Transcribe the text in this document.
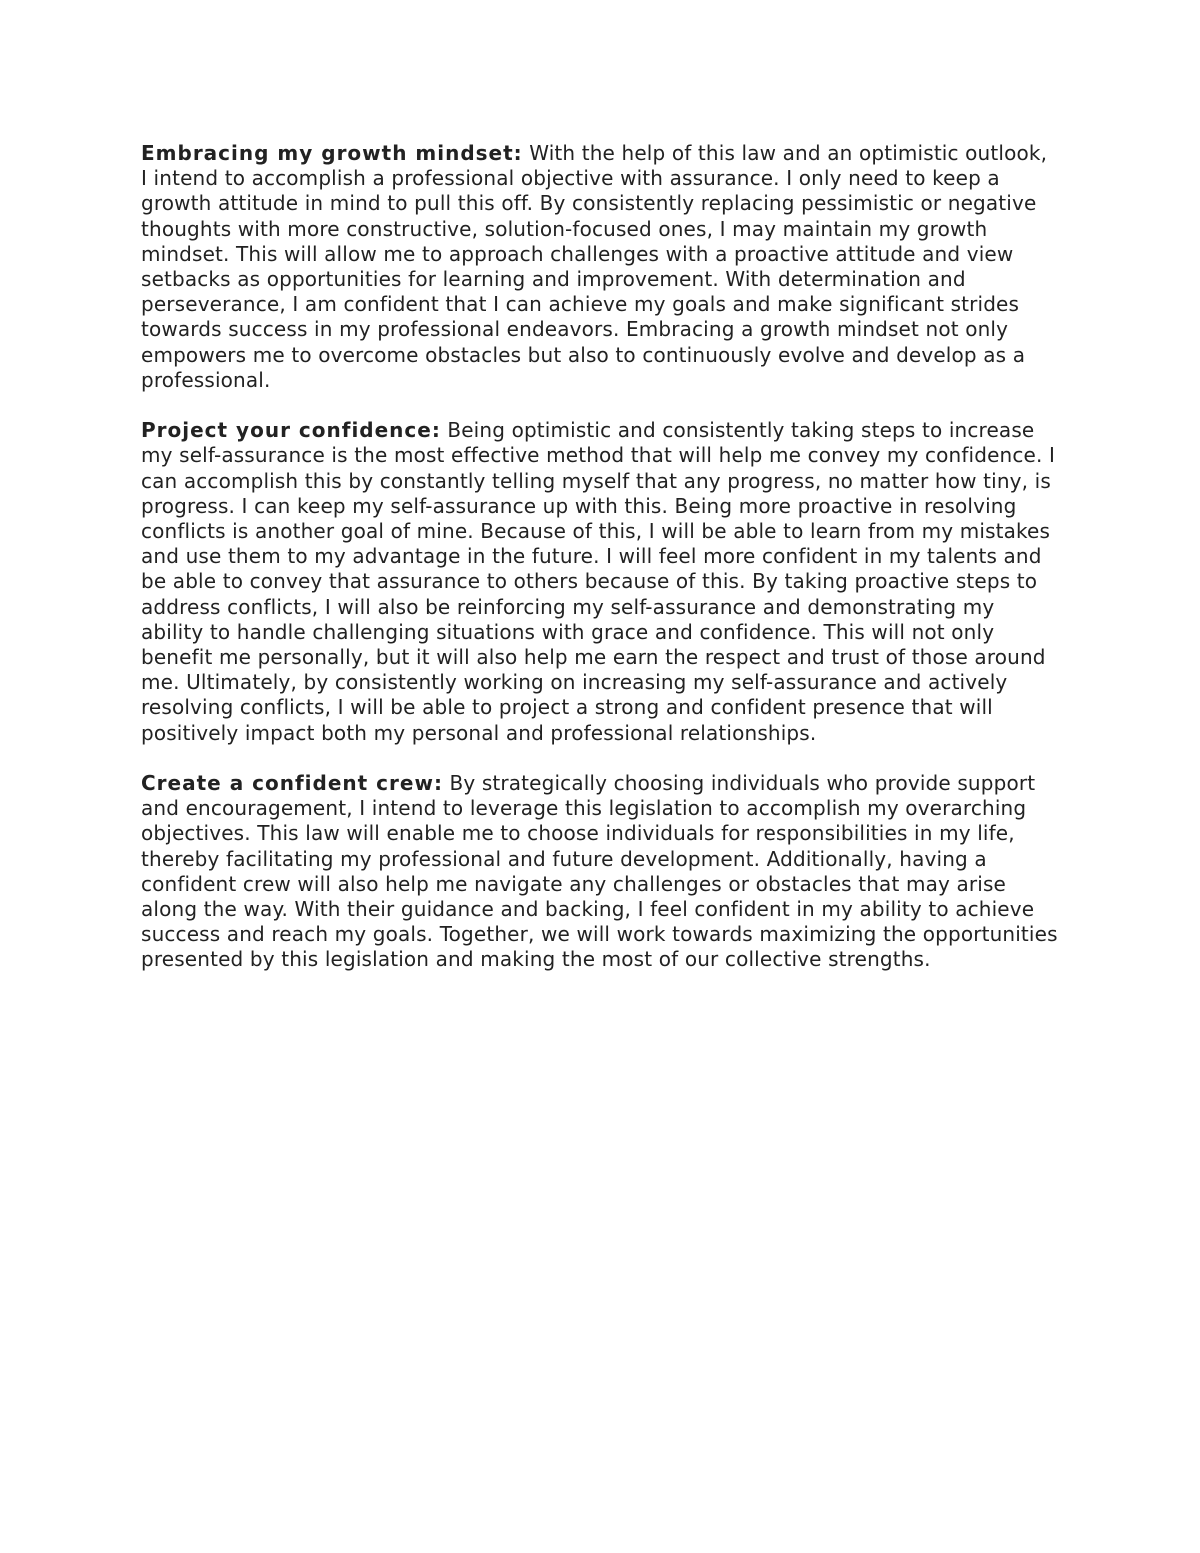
Embracing my growth mindset: With the help of this law and an optimistic outlook, I intend to accomplish a professional objective with assurance. I only need to keep a growth attitude in mind to pull this off. By consistently replacing pessimistic or negative thoughts with more constructive, solution-focused ones, I may maintain my growth mindset. This will allow me to approach challenges with a proactive attitude and view setbacks as opportunities for learning and improvement. With determination and perseverance, I am confident that I can achieve my goals and make significant strides towards success in my professional endeavors. Embracing a growth mindset not only empowers me to overcome obstacles but also to continuously evolve and develop as a professional.

Project your confidence: Being optimistic and consistently taking steps to increase my self-assurance is the most effective method that will help me convey my confidence. I can accomplish this by constantly telling myself that any progress, no matter how tiny, is progress. I can keep my self-assurance up with this. Being more proactive in resolving conflicts is another goal of mine. Because of this, I will be able to learn from my mistakes and use them to my advantage in the future. I will feel more confident in my talents and be able to convey that assurance to others because of this. By taking proactive steps to address conflicts, I will also be reinforcing my self-assurance and demonstrating my ability to handle challenging situations with grace and confidence. This will not only benefit me personally, but it will also help me earn the respect and trust of those around me. Ultimately, by consistently working on increasing my self-assurance and actively resolving conflicts, I will be able to project a strong and confident presence that will positively impact both my personal and professional relationships.

Create a confident crew: By strategically choosing individuals who provide support and encouragement, I intend to leverage this legislation to accomplish my overarching objectives. This law will enable me to choose individuals for responsibilities in my life, thereby facilitating my professional and future development. Additionally, having a confident crew will also help me navigate any challenges or obstacles that may arise along the way. With their guidance and backing, I feel confident in my ability to achieve success and reach my goals. Together, we will work towards maximizing the opportunities presented by this legislation and making the most of our collective strengths.
